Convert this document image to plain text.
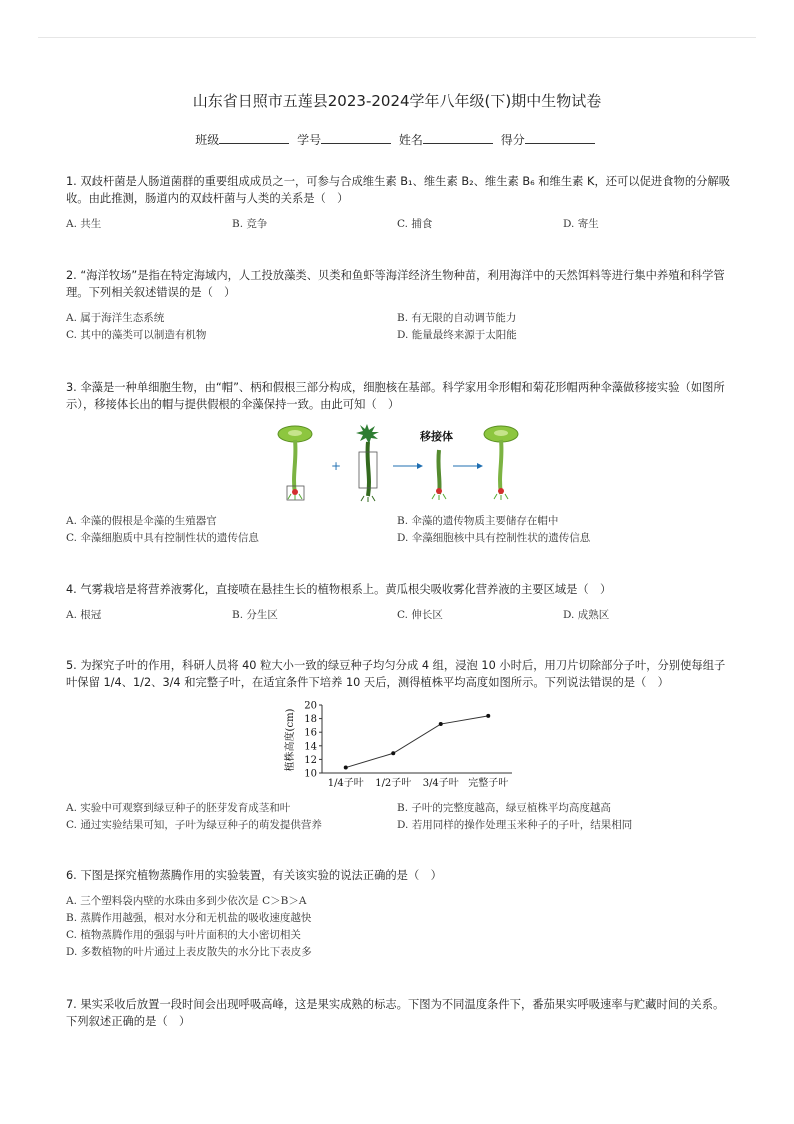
山东省日照市五莲县2023-2024学年八年级(下)期中生物试卷
班级	学号	姓名	得分
1. 双歧杆菌是人肠道菌群的重要组成成员之一，可参与合成维生素 B₁、维生素 B₂、维生素 B₆ 和维生素 K，还可以促进食物的分解吸收。由此推测，肠道内的双歧杆菌与人类的关系是（　）
A. 共生	B. 竞争	C. 捕食	D. 寄生
2. “海洋牧场”是指在特定海域内，人工投放藻类、贝类和鱼虾等海洋经济生物种苗，利用海洋中的天然饵料等进行集中养殖和科学管理。下列相关叙述错误的是（　）
A. 属于海洋生态系统	B. 有无限的自动调节能力
C. 其中的藻类可以制造有机物	D. 能量最终来源于太阳能
3. 伞藻是一种单细胞生物，由“帽”、柄和假根三部分构成，细胞核在基部。科学家用伞形帽和菊花形帽两种伞藻做移接实验（如图所示），移接体长出的帽与提供假根的伞藻保持一致。由此可知（　）
+
移接体
A. 伞藻的假根是伞藻的生殖器官	B. 伞藻的遗传物质主要储存在帽中
C. 伞藻细胞质中具有控制性状的遗传信息	D. 伞藻细胞核中具有控制性状的遗传信息
4. 气雾栽培是将营养液雾化，直接喷在悬挂生长的植物根系上。黄瓜根尖吸收雾化营养液的主要区域是（　）
A. 根冠	B. 分生区	C. 伸长区	D. 成熟区
5. 为探究子叶的作用，科研人员将 40 粒大小一致的绿豆种子均匀分成 4 组，浸泡 10 小时后，用刀片切除部分子叶，分别使每组子叶保留 1/4、1/2、3/4 和完整子叶，在适宜条件下培养 10 天后，测得植株平均高度如图所示。下列说法错误的是（　）
植株高度(cm)
10
12
14
16
18
20
1/4子叶 1/2子叶 3/4子叶 完整子叶
A. 实验中可观察到绿豆种子的胚芽发育成茎和叶	B. 子叶的完整度越高，绿豆植株平均高度越高
C. 通过实验结果可知，子叶为绿豆种子的萌发提供营养	D. 若用同样的操作处理玉米种子的子叶，结果相同
6. 下图是探究植物蒸腾作用的实验装置，有关该实验的说法正确的是（　）
A. 三个塑料袋内壁的水珠由多到少依次是 C＞B＞A
B. 蒸腾作用越强，根对水分和无机盐的吸收速度越快
C. 植物蒸腾作用的强弱与叶片面积的大小密切相关
D. 多数植物的叶片通过上表皮散失的水分比下表皮多
7. 果实采收后放置一段时间会出现呼吸高峰，这是果实成熟的标志。下图为不同温度条件下，番茄果实呼吸速率与贮藏时间的关系。下列叙述正确的是（　）
